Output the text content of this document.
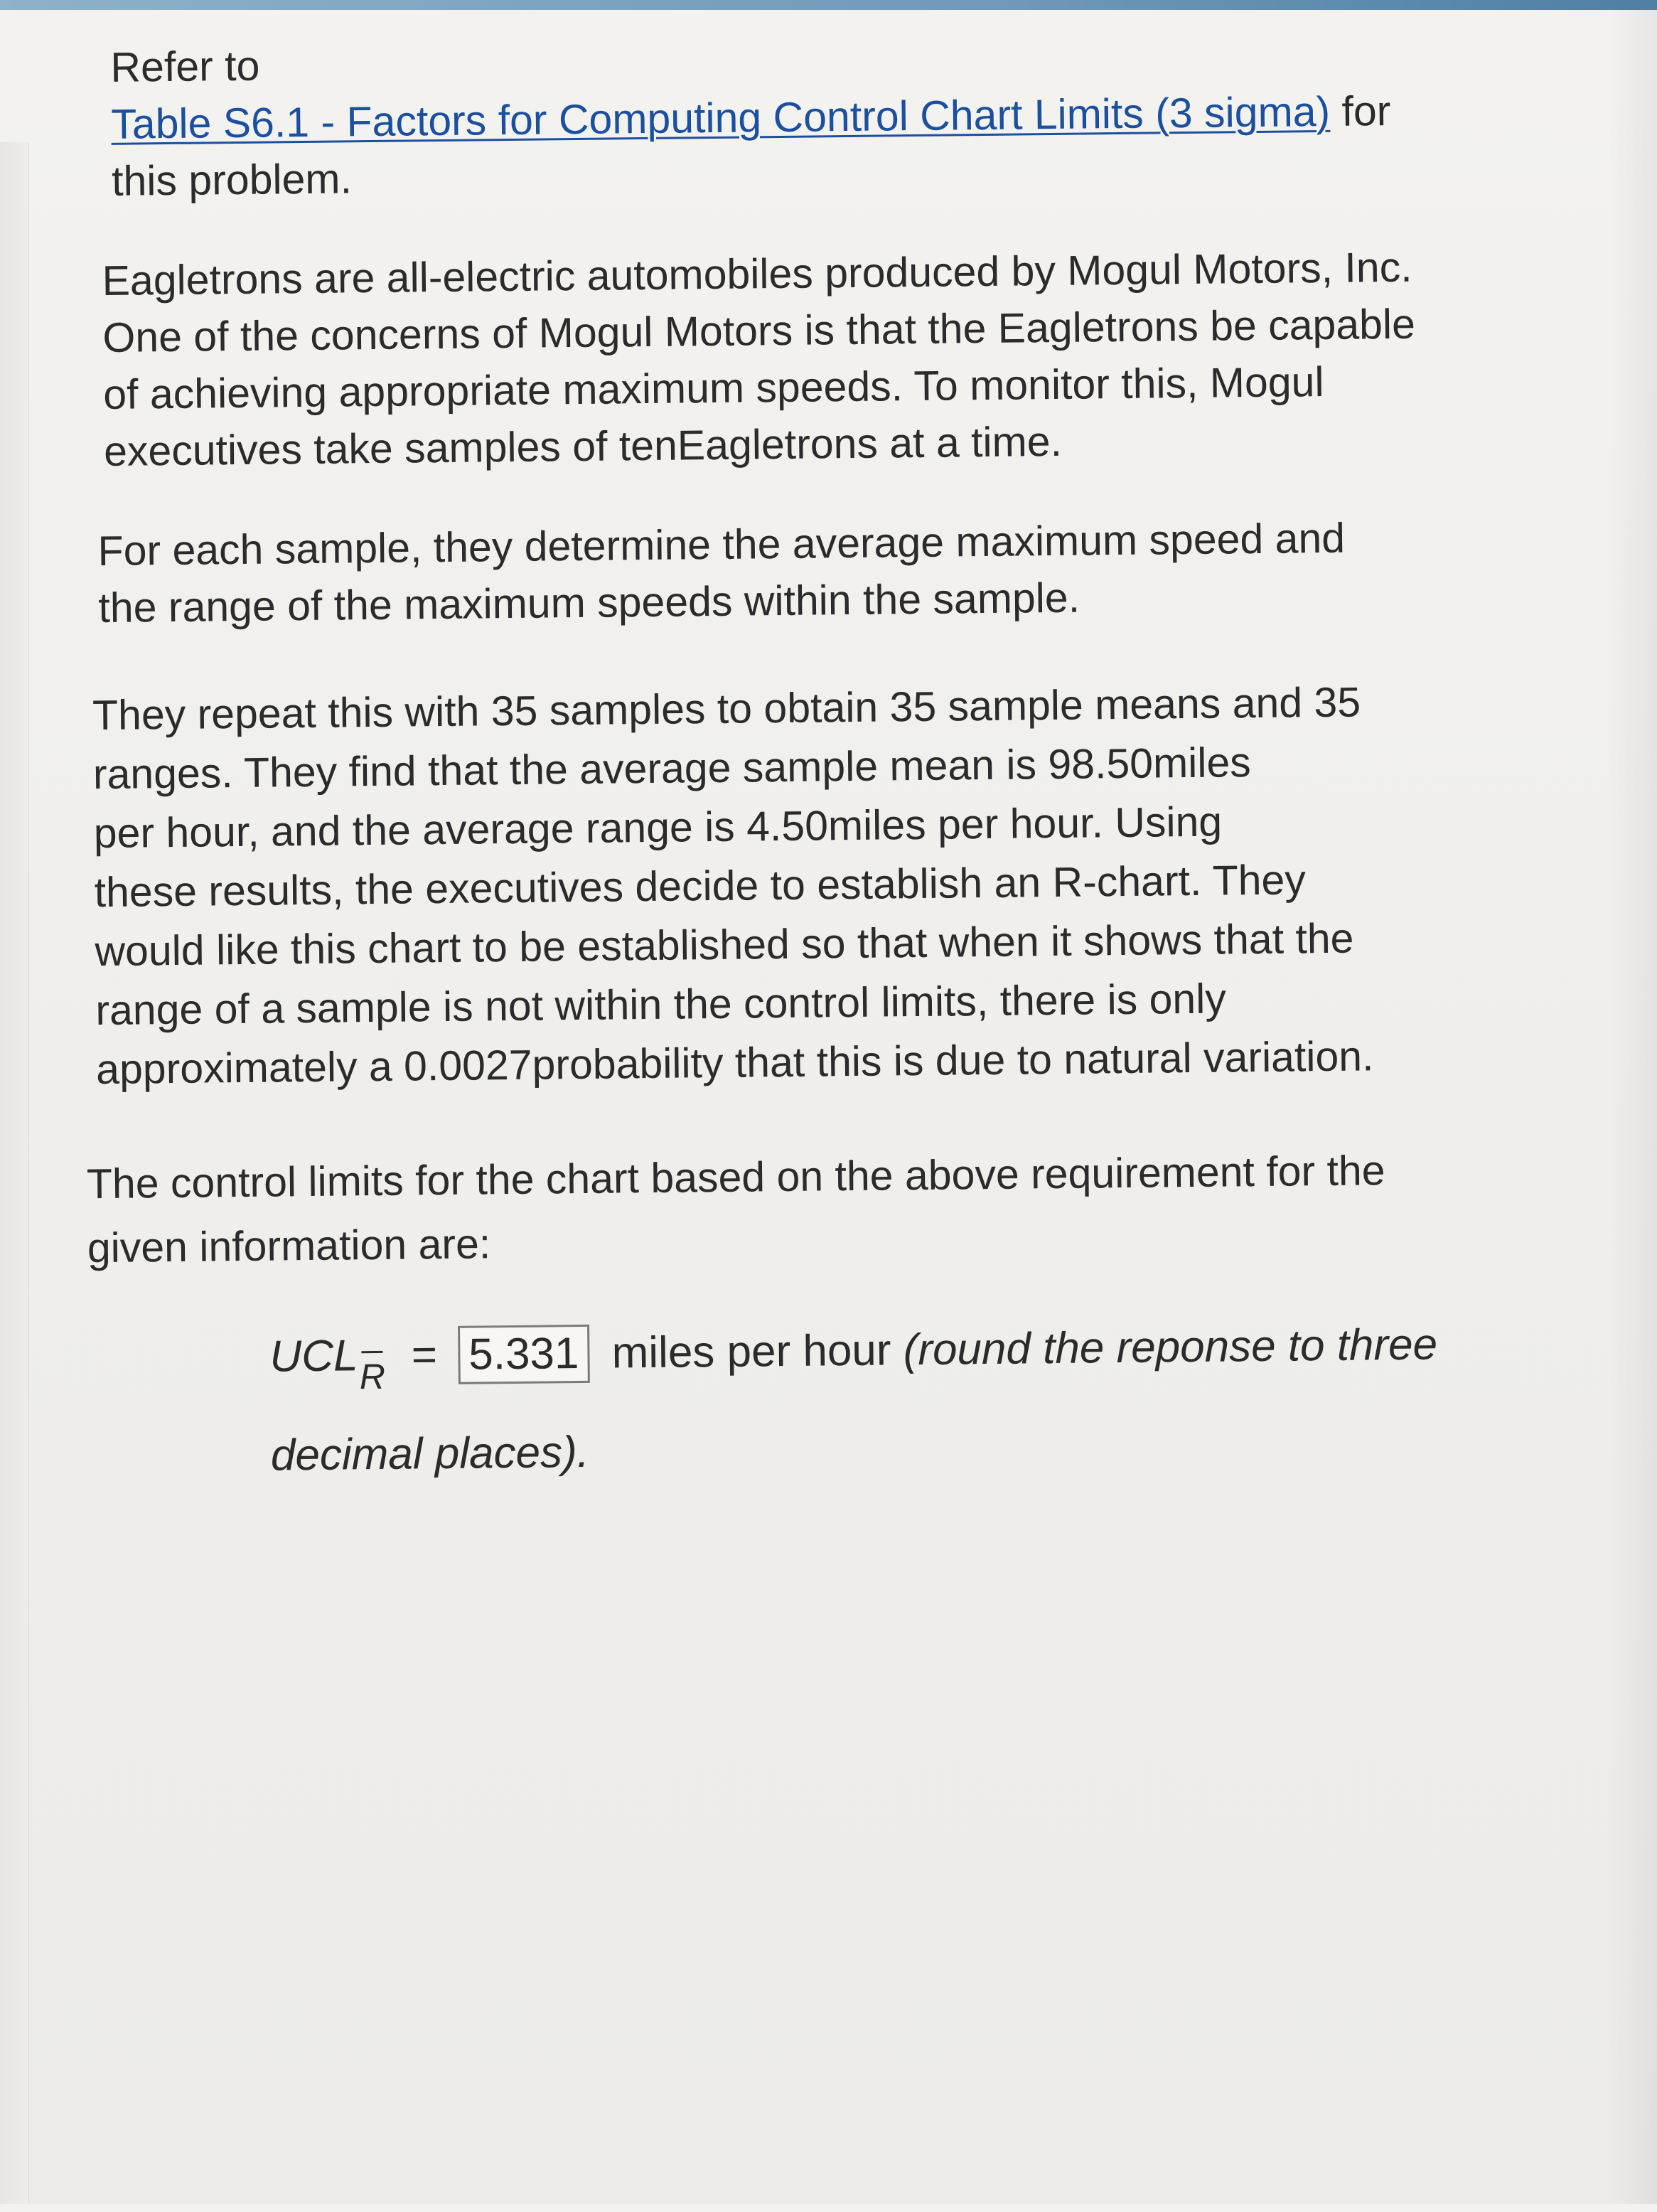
Refer to
Table S6.1 - Factors for Computing Control Chart Limits (3 sigma) for
this problem.
Eagletrons are all-electric automobiles produced by Mogul Motors, Inc.
One of the concerns of Mogul Motors is that the Eagletrons be capable
of achieving appropriate maximum speeds. To monitor this, Mogul
executives take samples of tenEagletrons at a time.
For each sample, they determine the average maximum speed and
the range of the maximum speeds within the sample.
They repeat this with 35 samples to obtain 35 sample means and 35
ranges. They find that the average sample mean is 98.50miles
per hour, and the average range is 4.50miles per hour. Using
these results, the executives decide to establish an R-chart. They
would like this chart to be established so that when it shows that the
range of a sample is not within the control limits, there is only
approximately a 0.0027probability that this is due to natural variation.
The control limits for the chart based on the above requirement for the
given information are:
UCL
R = 5.331 miles per hour (round the reponse to three
decimal places).
